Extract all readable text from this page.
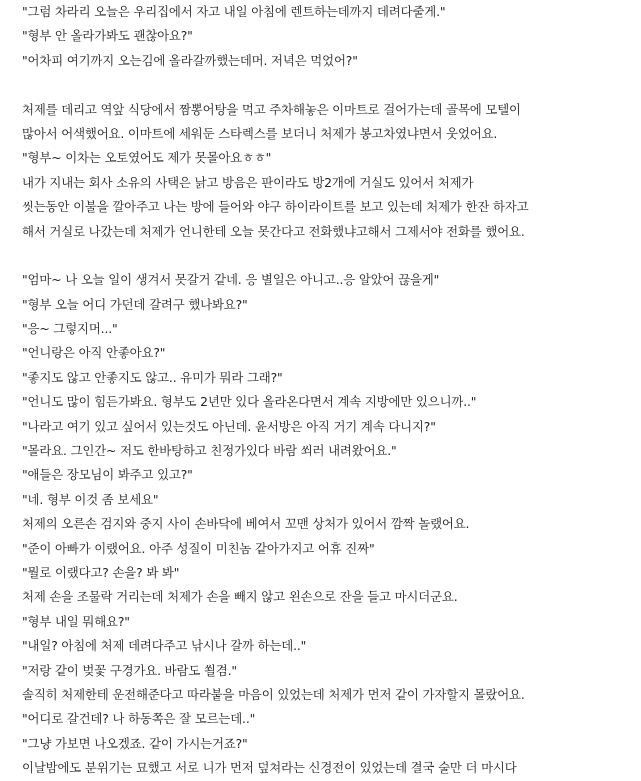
"그럼 차라리 오늘은 우리집에서 자고 내일 아침에 렌트하는데까지 데려다줄게."
"형부 안 올라가봐도 괜찮아요?"
"어차피 여기까지 오는김에 올라갈까했는데머. 저녁은 먹었어?"
처제를 데리고 역앞 식당에서 짬뽕어탕을 먹고 주차해놓은 이마트로 걸어가는데 골목에 모텔이
많아서 어색했어요. 이마트에 세워둔 스타렉스를 보더니 처제가 봉고차였냐면서 웃었어요.
"형부~ 이차는 오토였어도 제가 못몰아요ㅎㅎ"
내가 지내는 회사 소유의 사택은 낡고 방음은 판이라도 방2개에 거실도 있어서 처제가
씻는동안 이불을 깔아주고 나는 방에 들어와 야구 하이라이트를 보고 있는데 처제가 한잔 하자고
해서 거실로 나갔는데 처제가 언니한테 오늘 못간다고 전화했냐고해서 그제서야 전화를 했어요.
"엄마~ 나 오늘 일이 생겨서 못갈거 같네. 응 별일은 아니고..응 알았어 끊을게"
"형부 오늘 어디 가던데 갈려구 했나봐요?"
"응~ 그렇지머..."
"언니랑은 아직 안좋아요?"
"좋지도 않고 안좋지도 않고.. 유미가 뭐라 그래?"
"언니도 많이 힘든가봐요. 형부도 2년만 있다 올라온다면서 계속 지방에만 있으니까.."
"나라고 여기 있고 싶어서 있는것도 아닌데. 윤서방은 아직 거기 계속 다니지?"
"몰라요. 그인간~ 저도 한바탕하고 친정가있다 바람 쐬러 내려왔어요."
"애들은 장모님이 봐주고 있고?"
"네. 형부 이것 좀 보세요"
처제의 오른손 검지와 중지 사이 손바닥에 베여서 꼬맨 상처가 있어서 깜짝 놀랬어요.
"준이 아빠가 이랬어요. 아주 성질이 미친놈 같아가지고 어휴 진짜"
"뭘로 이랬다고? 손을? 봐 봐"
처제 손을 조물락 거리는데 처제가 손을 빼지 않고 왼손으로 잔을 들고 마시더군요.
"형부 내일 뭐해요?"
"내일? 아침에 처제 데려다주고 낚시나 갈까 하는데.."
"저랑 같이 벚꽃 구경가요. 바람도 쐴겸."
솔직히 처제한테 운전해준다고 따라붙을 마음이 있었는데 처제가 먼저 같이 가자할지 몰랐어요.
"어디로 갈건데? 나 하동쪽은 잘 모르는데.."
"그냥 가보면 나오겠죠. 같이 가시는거죠?"
이날밤에도 분위기는 묘했고 서로 니가 먼저 덮쳐라는 신경전이 있었는데 결국 술만 더 마시다
